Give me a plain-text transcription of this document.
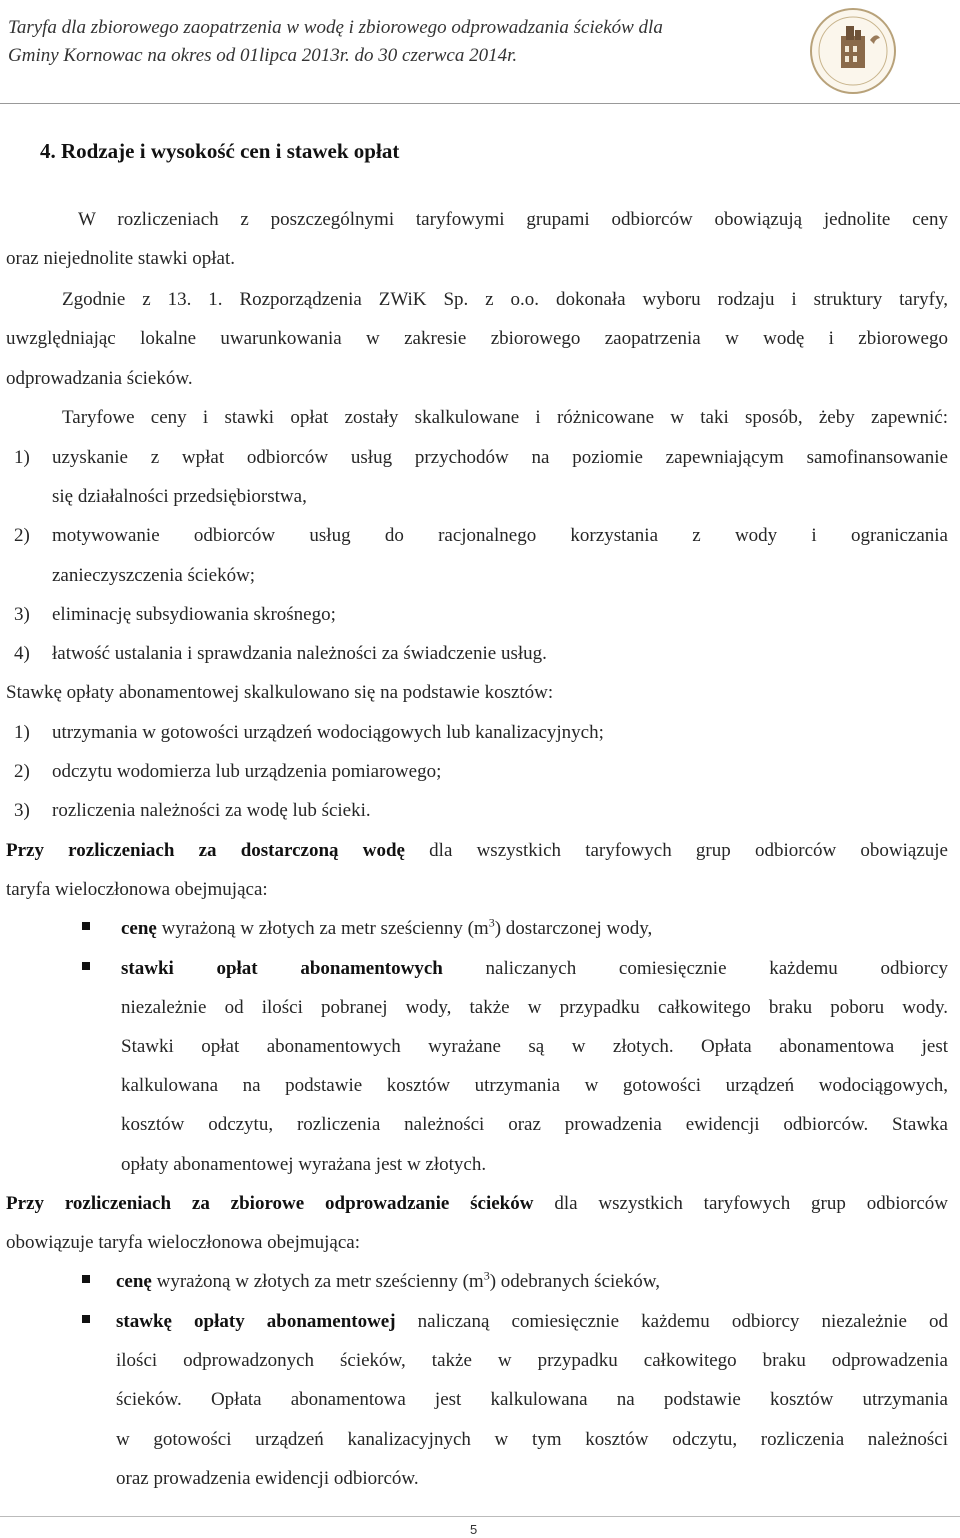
Taryfa dla zbiorowego zaopatrzenia w wodę i zbiorowego odprowadzania ścieków dla
Gminy Kornowac na okres od 01lipca 2013r. do 30 czerwca 2014r.
4. Rodzaje i wysokość cen i stawek opłat
W rozliczeniach z poszczególnymi taryfowymi grupami odbiorców obowiązują jednolite ceny
oraz niejednolite stawki opłat.
Zgodnie z 13. 1. Rozporządzenia ZWiK Sp. z o.o. dokonała wyboru rodzaju i struktury taryfy,
uwzględniając lokalne uwarunkowania w zakresie zbiorowego zaopatrzenia w wodę i zbiorowego
odprowadzania ścieków.
Taryfowe ceny i stawki opłat zostały skalkulowane i różnicowane w taki sposób, żeby zapewnić:
1) uzyskanie z wpłat odbiorców usług przychodów na poziomie zapewniającym samofinansowanie
się działalności przedsiębiorstwa,
2) motywowanie odbiorców usług do racjonalnego korzystania z wody i ograniczania
zanieczyszczenia ścieków;
3) eliminację subsydiowania skrośnego;
4) łatwość ustalania i sprawdzania należności za świadczenie usług.
Stawkę opłaty abonamentowej skalkulowano się na podstawie kosztów:
1) utrzymania w gotowości urządzeń wodociągowych lub kanalizacyjnych;
2) odczytu wodomierza lub urządzenia pomiarowego;
3) rozliczenia należności za wodę lub ścieki.
Przy rozliczeniach za dostarczoną wodę dla wszystkich taryfowych grup odbiorców obowiązuje
taryfa wieloczłonowa obejmująca:
cenę wyrażoną w złotych za metr sześcienny $(m^3)$ dostarczonej wody,
stawki opłat abonamentowych naliczanych comiesięcznie każdemu odbiorcy
niezależnie od ilości pobranej wody, także w przypadku całkowitego braku poboru wody.
Stawki opłat abonamentowych wyrażane są w złotych. Opłata abonamentowa jest
kalkulowana na podstawie kosztów utrzymania w gotowości urządzeń wodociągowych,
kosztów odczytu, rozliczenia należności oraz prowadzenia ewidencji odbiorców. Stawka
opłaty abonamentowej wyrażana jest w złotych.
Przy rozliczeniach za zbiorowe odprowadzanie ścieków dla wszystkich taryfowych grup odbiorców
obowiązuje taryfa wieloczłonowa obejmująca:
cenę wyrażoną w złotych za metr sześcienny $(m^3)$ odebranych ścieków,
stawkę opłaty abonamentowej naliczaną comiesięcznie każdemu odbiorcy niezależnie od
ilości odprowadzonych ścieków, także w przypadku całkowitego braku odprowadzenia
ścieków. Opłata abonamentowa jest kalkulowana na podstawie kosztów utrzymania
w gotowości urządzeń kanalizacyjnych w tym kosztów odczytu, rozliczenia należności
oraz prowadzenia ewidencji odbiorców.
5
